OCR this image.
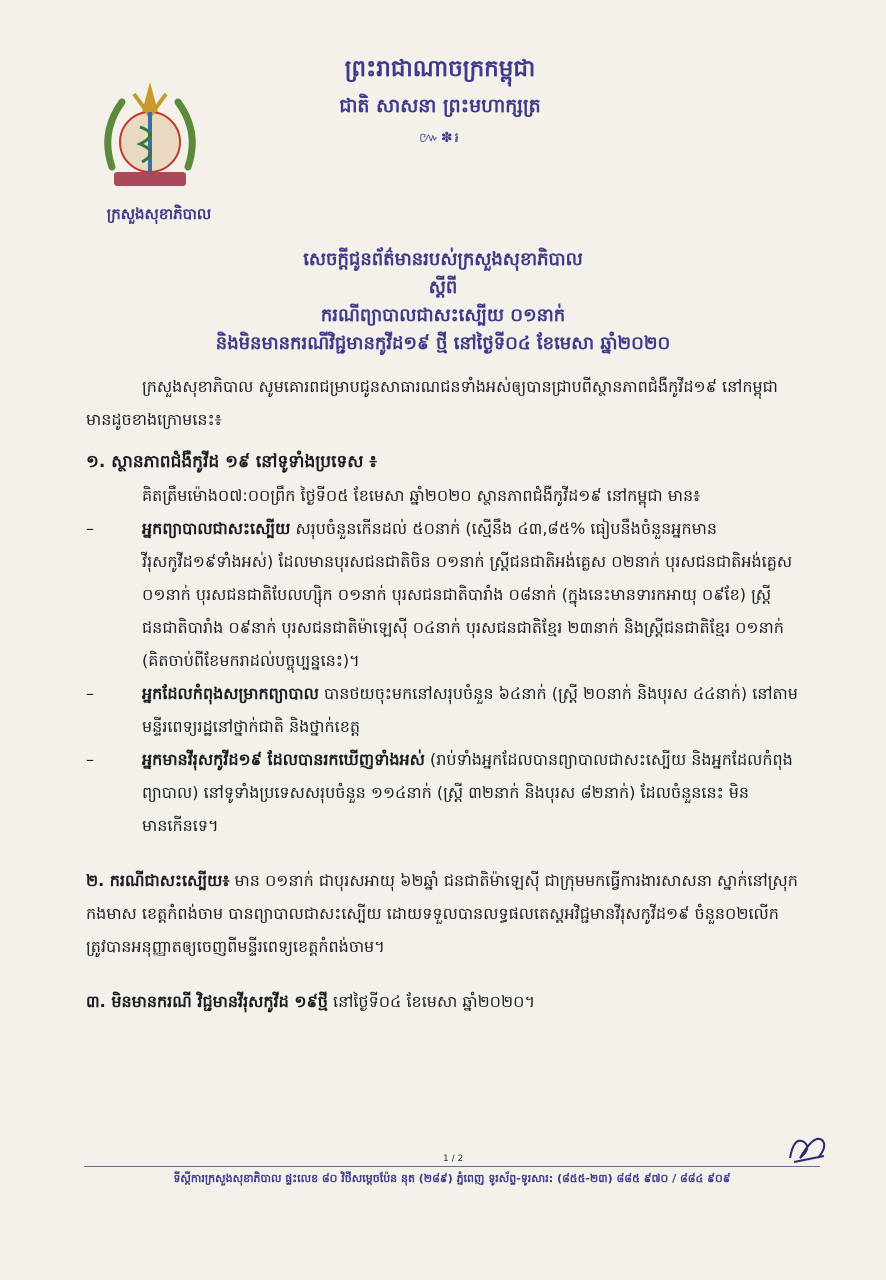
ក្រសួងសុខាភិបាល
ព្រះរាជាណាចក្រកម្ពុជា
ជាតិ សាសនា ព្រះមហាក្សត្រ
៚✽៛
សេចក្តីជូនព័ត៌មានរបស់ក្រសួងសុខាភិបាល
ស្តីពី
ករណីព្យាបាលជាសះស្បើយ ០១នាក់
និងមិនមានករណីវិជ្ជមានកូវីដ១៩ ថ្មី នៅថ្ងៃទី០៤ ខែមេសា ឆ្នាំ២០២០

ក្រសួងសុខាភិបាល សូមគោរពជម្រាបជូនសាធារណជនទាំងអស់ឲ្យបានជ្រាបពីស្ថានភាពជំងឺកូវីដ១៩ នៅកម្ពុជា មានដូចខាងក្រោមនេះ៖

១. ស្ថានភាពជំងឺកូវីដ ១៩ នៅទូទាំងប្រទេស ៖

គិតត្រឹមម៉ោង០៧:០០ព្រឹក ថ្ងៃទី០៥ ខែមេសា ឆ្នាំ២០២០ ស្ថានភាពជំងឺកូវីដ១៩ នៅកម្ពុជា មាន៖

–	អ្នកព្យាបាលជាសះស្បើយ សរុបចំនួនកើនដល់ ៥០នាក់ (ស្មើនឹង ៤៣,៨៥% ធៀបនឹងចំនួនអ្នកមានវីរុសកូវីដ១៩ទាំងអស់) ដែលមានបុរសជនជាតិចិន ០១នាក់ ស្ត្រីជនជាតិអង់គ្លេស ០២នាក់ បុរសជនជាតិអង់គ្លេស ០១នាក់ បុរសជនជាតិបែលហ្ស៊ិក ០១នាក់ បុរសជនជាតិបារាំង ០៨នាក់ (ក្នុងនេះមានទារកអាយុ ០៩ខែ) ស្ត្រីជនជាតិបារាំង ០៩នាក់ បុរសជនជាតិម៉ាឡេស៊ី ០៤នាក់ បុរសជនជាតិខ្មែរ ២៣នាក់ និងស្ត្រីជនជាតិខ្មែរ ០១នាក់ (គិតចាប់ពីខែមករាដល់បច្ចុប្បន្ននេះ)។
–	អ្នកដែលកំពុងសម្រាកព្យាបាល បានថយចុះមកនៅសរុបចំនួន ៦៤នាក់ (ស្ត្រី ២០នាក់ និងបុរស ៤៤នាក់) នៅតាមមន្ទីរពេទ្យរដ្ឋនៅថ្នាក់ជាតិ និងថ្នាក់ខេត្ត
–	អ្នកមានវីរុសកូវីដ១៩ ដែលបានរកឃើញទាំងអស់ (រាប់ទាំងអ្នកដែលបានព្យាបាលជាសះស្បើយ និងអ្នកដែលកំពុងព្យាបាល) នៅទូទាំងប្រទេសសរុបចំនួន ១១៤នាក់ (ស្ត្រី ៣២នាក់ និងបុរស ៨២នាក់) ដែលចំនួននេះ មិនមានកើនទេ។

២. ករណីជាសះស្បើយ៖ មាន ០១នាក់ ជាបុរសអាយុ ៦២ឆ្នាំ ជនជាតិម៉ាឡេស៊ី ជាក្រុមមកធ្វើការងារសាសនា ស្នាក់នៅស្រុកកងមាស ខេត្តកំពង់ចាម បានព្យាបាលជាសះស្បើយ ដោយទទួលបានលទ្ធផលតេស្តអវិជ្ជមានវីរុសកូវីដ១៩ ចំនួន០២លើក ត្រូវបានអនុញ្ញាតឲ្យចេញពីមន្ទីរពេទ្យខេត្តកំពង់ចាម។

៣. មិនមានករណី វិជ្ជមានវីរុសកូវីដ ១៩ថ្មី នៅថ្ងៃទី០៤ ខែមេសា ឆ្នាំ២០២០។

1 / 2
ទីស្តីការក្រសួងសុខាភិបាល ផ្ទះលេខ ៨០ វិថីសម្តេចប៉ែន នុត (២៨៩) ភ្នំពេញ ទូរស័ព្ទ-ទូរសារ: (៨៥៥-២៣) ៨៨៥ ៩៧០ / ៨៨៤ ៩០៩
